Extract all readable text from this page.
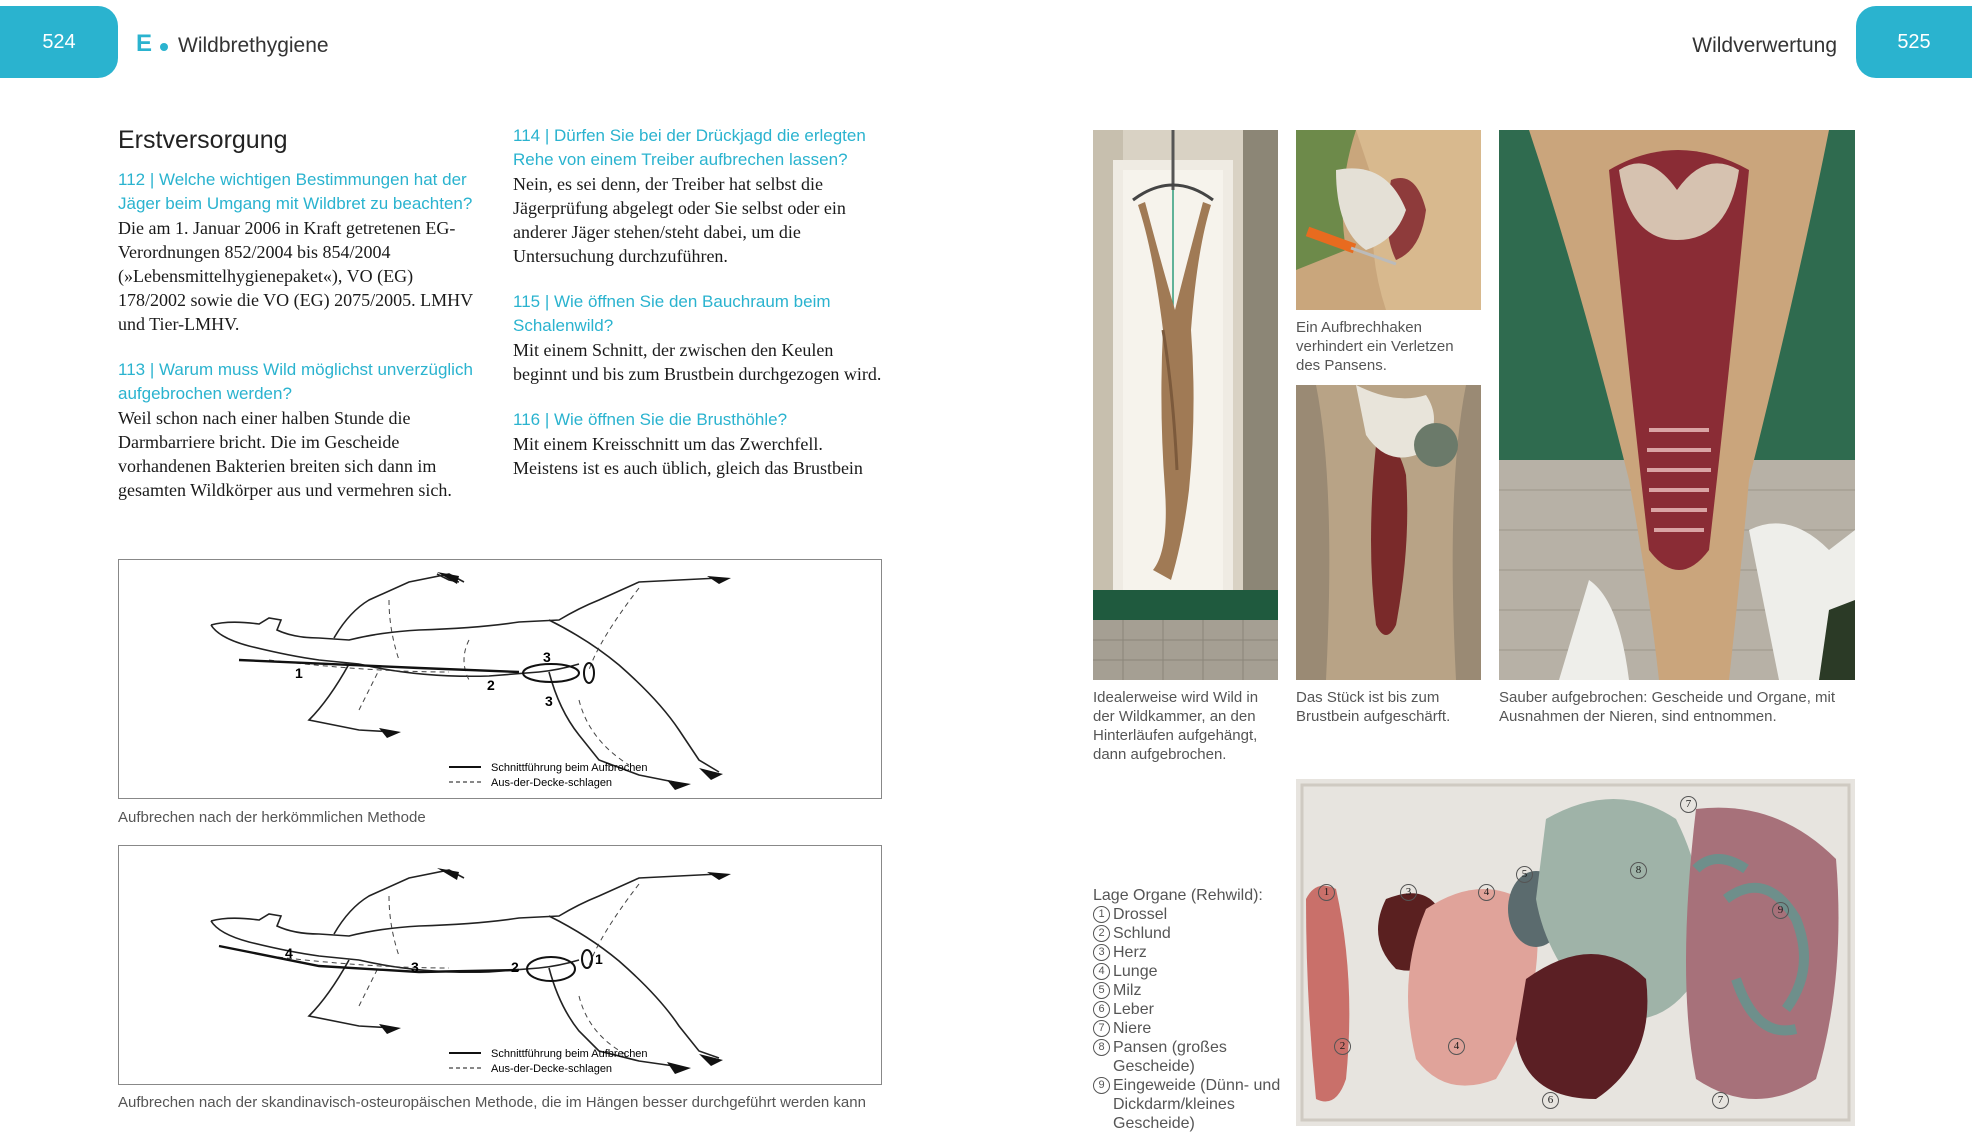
524	E Wildbrethygiene	Wildverwertung	525
Erstversorgung

112 | Welche wichtigen Bestimmungen hat der Jäger beim Umgang mit Wildbret zu beachten?

Die am 1. Januar 2006 in Kraft getretenen EG-Verordnungen 852/2004 bis 854/2004 (»Lebensmittelhygienepaket«), VO (EG) 178/2002 sowie die VO (EG) 2075/2005. LMHV und Tier-LMHV.

113 | Warum muss Wild möglichst unverzüglich aufgebrochen werden?

Weil schon nach einer halben Stunde die Darmbarriere bricht. Die im Gescheide vorhandenen Bakterien breiten sich dann im gesamten Wildkörper aus und vermehren sich.

114 | Dürfen Sie bei der Drückjagd die erlegten Rehe von einem Treiber aufbrechen lassen?

Nein, es sei denn, der Treiber hat selbst die Jägerprüfung abgelegt oder Sie selbst oder ein anderer Jäger stehen/steht dabei, um die Untersuchung durchzuführen.

115 | Wie öffnen Sie den Bauchraum beim Schalenwild?

Mit einem Schnitt, der zwischen den Keulen beginnt und bis zum Brustbein durchgezogen wird.

116 | Wie öffnen Sie die Brusthöhle?

Mit einem Kreisschnitt um das Zwerchfell. Meistens ist es auch üblich, gleich das Brustbein

1
2
3
3
Schnittführung beim Aufbrechen
Aus-der-Decke-schlagen
Aufbrechen nach der herkömmlichen Methode
4
3	2	1
Schnittführung beim Aufbrechen
Aus-der-Decke-schlagen
Aufbrechen nach der skandinavisch-osteuropäischen Methode, die im Hängen besser durchgeführt werden kann
Ein Aufbrechhaken verhindert ein Verletzen des Pansens.
Idealerweise wird Wild in der Wildkammer, an den Hinterläufen aufgehängt, dann aufgebrochen.
Das Stück ist bis zum Brustbein aufgeschärft.
Sauber aufgebrochen: Gescheide und Organe, mit Ausnahmen der Nieren, sind entnommen.
Lage Organe (Rehwild):
1 Drossel
2 Schlund
3 Herz
4 Lunge
5 Milz
6 Leber
7 Niere
8 Pansen (großes Gescheide)
9 Eingeweide (Dünn- und Dickdarm/kleines Gescheide)
1
2
3	4
4
5
6
7
7
8
9
